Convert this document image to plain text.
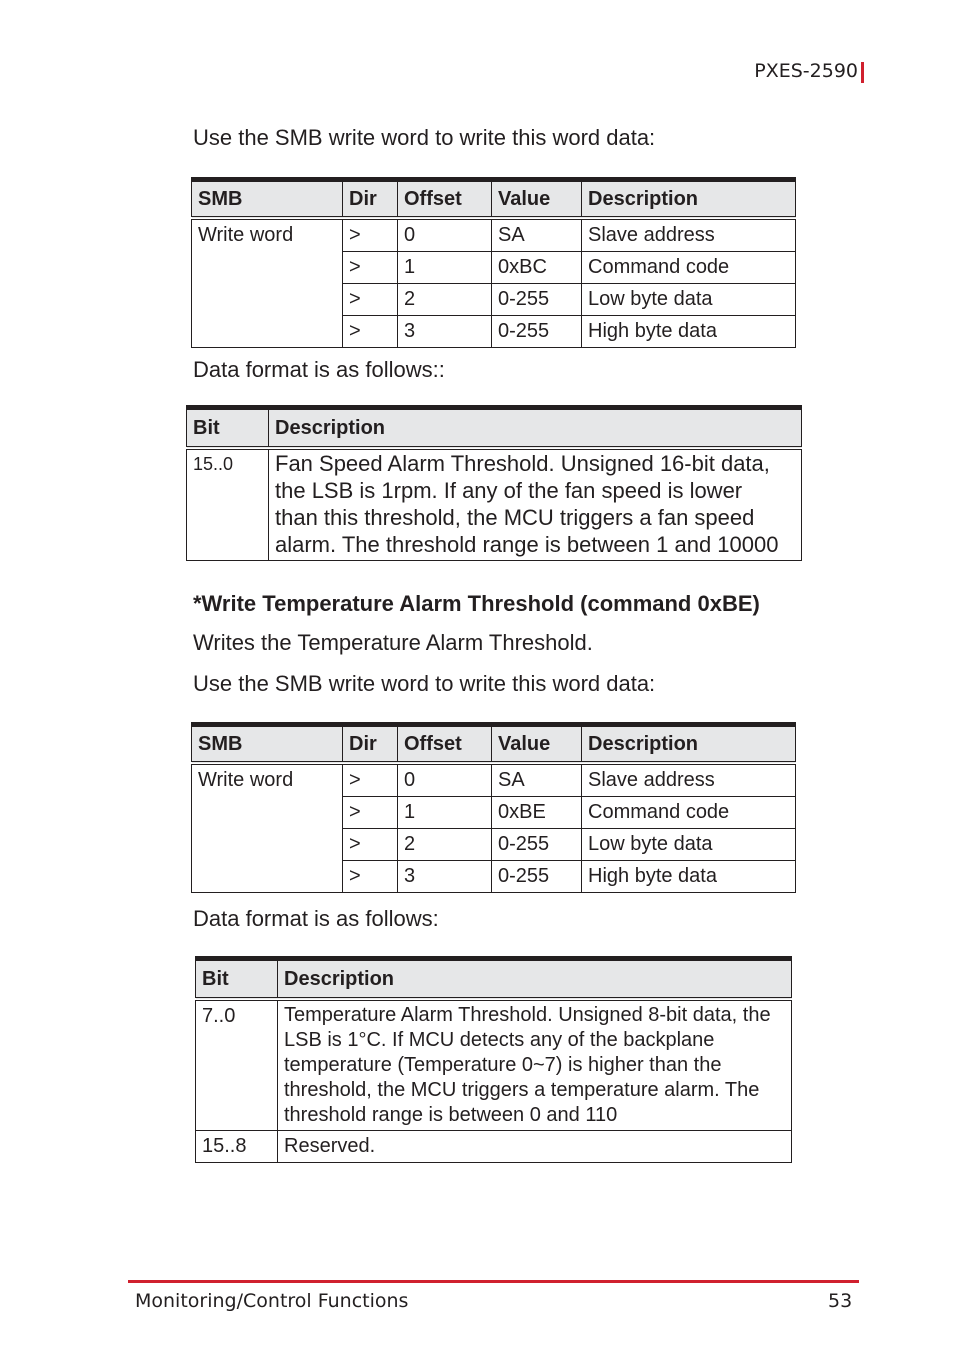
PXES-2590
Use the SMB write word to write this word data:
SMB	Dir	Offset	Value	Description
Write word	>	0	SA	Slave address
	>	1	0xBC	Command code
	>	2	0-255	Low byte data
	>	3	0-255	High byte data
Data format is as follows::
Bit	Description
15..0	Fan Speed Alarm Threshold. Unsigned 16-bit data,
the LSB is 1rpm. If any of the fan speed is lower
than this threshold, the MCU triggers a fan speed
alarm. The threshold range is between 1 and 10000
*Write Temperature Alarm Threshold (command 0xBE)
Writes the Temperature Alarm Threshold.
Use the SMB write word to write this word data:
SMB	Dir	Offset	Value	Description
Write word	>	0	SA	Slave address
	>	1	0xBE	Command code
	>	2	0-255	Low byte data
	>	3	0-255	High byte data
Data format is as follows:
Bit	Description
7..0	Temperature Alarm Threshold. Unsigned 8-bit data, the
LSB is 1°C. If MCU detects any of the backplane
temperature (Temperature 0~7) is higher than the
threshold, the MCU triggers a temperature alarm. The
threshold range is between 0 and 110

15..8	Reserved.
Monitoring/Control Functions	53
